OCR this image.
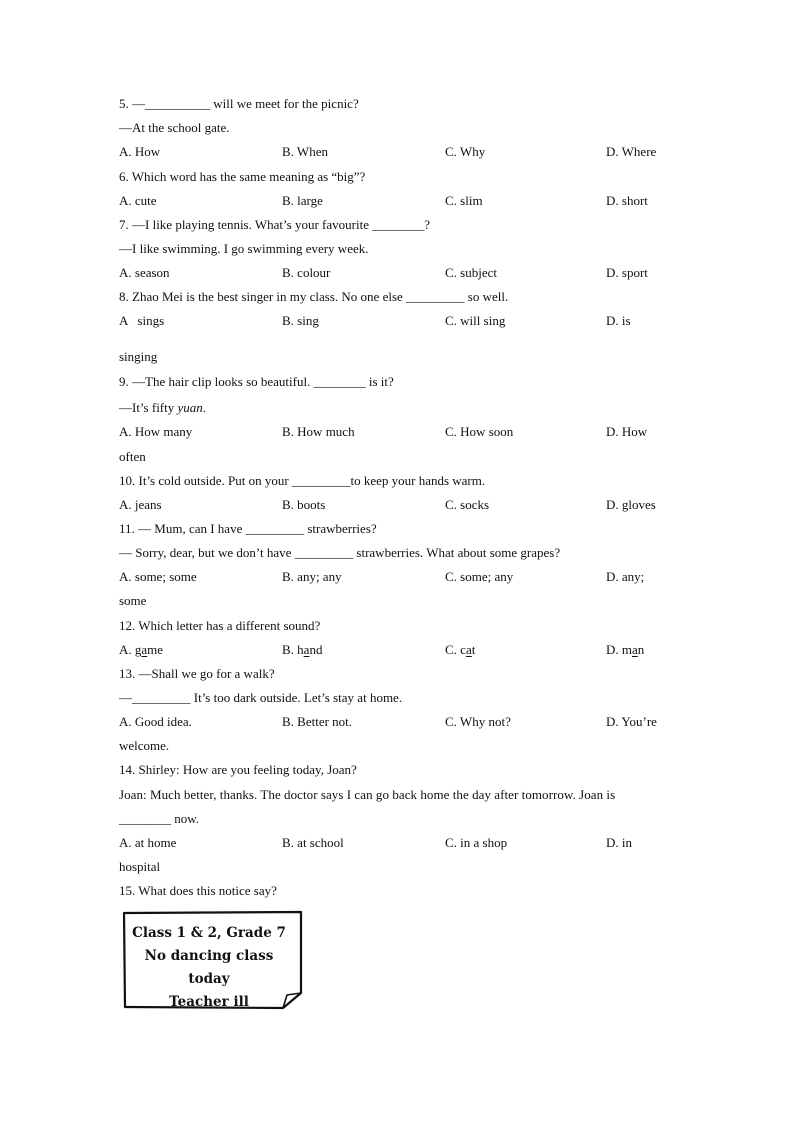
5. —__________ will we meet for the picnic?
—At the school gate.
A. How	B. When	C. Why	D. Where
6. Which word has the same meaning as “big”?
A. cute	B. large	C. slim	D. short
7. —I like playing tennis. What’s your favourite ________?
—I like swimming. I go swimming every week.
A. season	B. colour	C. subject	D. sport
8. Zhao Mei is the best singer in my class. No one else _________ so well.
A   sings	B. sing	C. will sing	D. is
singing
9. —The hair clip looks so beautiful. ________ is it?
—It’s fifty yuan.
A. How many	B. How much	C. How soon	D. How
often
10. It’s cold outside. Put on your _________to keep your hands warm.
A. jeans	B. boots	C. socks	D. gloves
11. — Mum, can I have _________ strawberries?
— Sorry, dear, but we don’t have _________ strawberries. What about some grapes?
A. some; some	B. any; any	C. some; any	D. any;
some
12. Which letter has a different sound?
A. game	B. hand	C. cat	D. man
13. —Shall we go for a walk?
—_________ It’s too dark outside. Let’s stay at home.
A. Good idea.	B. Better not.	C. Why not?	D. You’re
welcome.
14. Shirley: How are you feeling today, Joan?
Joan: Much better, thanks. The doctor says I can go back home the day after tomorrow. Joan is
________ now.
A. at home	B. at school	C. in a shop	D. in
hospital
15. What does this notice say?
Class 1 & 2, Grade 7
No dancing class today
Teacher ill
